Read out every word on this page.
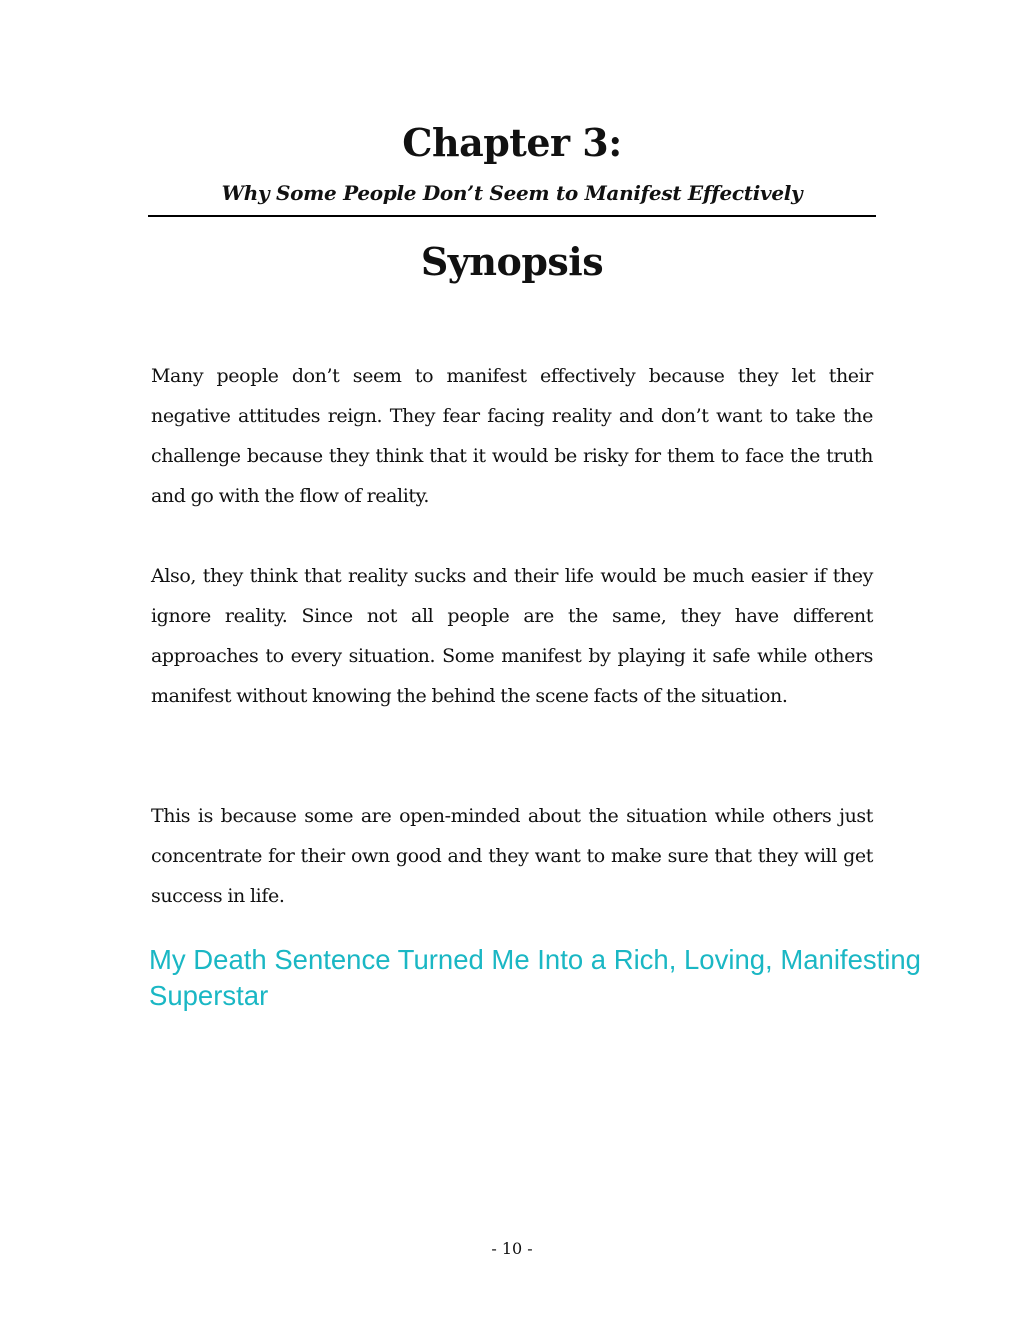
Chapter 3:
Why Some People Don’t Seem to Manifest Effectively
Synopsis

Many people don’t seem to manifest effectively because they let their negative attitudes reign. They fear facing reality and don’t want to take the challenge because they think that it would be risky for them to face the truth and go with the flow of reality.

Also, they think that reality sucks and their life would be much easier if they ignore reality. Since not all people are the same, they have different approaches to every situation. Some manifest by playing it safe while others manifest without knowing the behind the scene facts of the situation.

This is because some are open-minded about the situation while others just concentrate for their own good and they want to make sure that they will get success in life.

My Death Sentence Turned Me Into a Rich, Loving, Manifesting Superstar
- 10 -
